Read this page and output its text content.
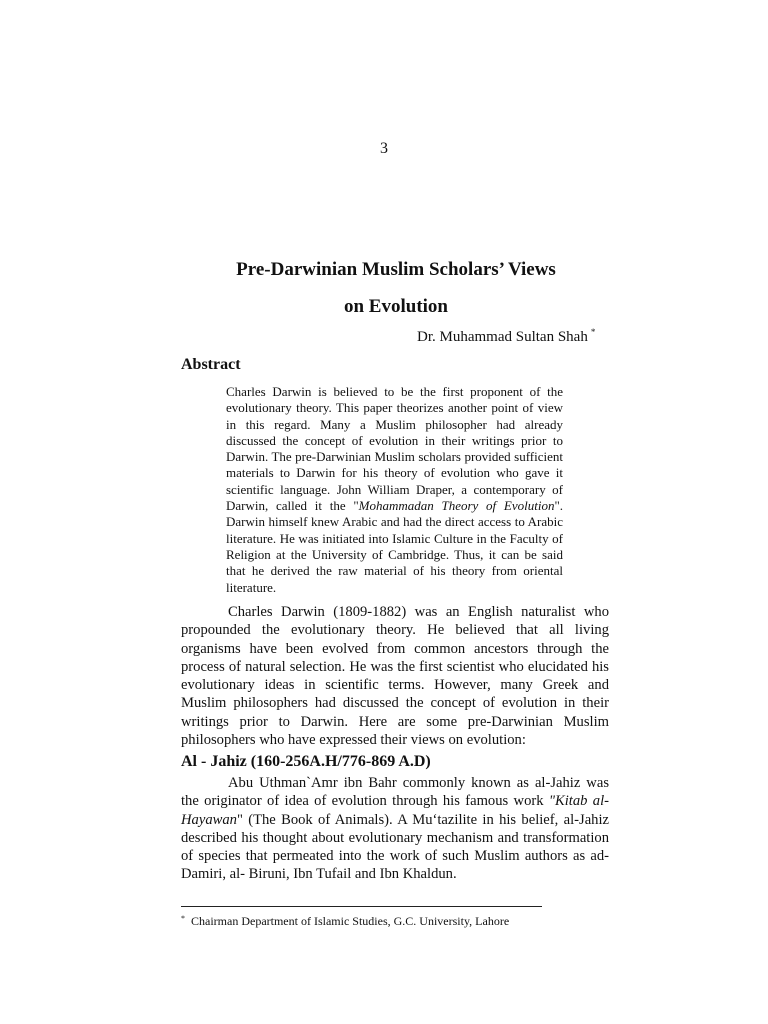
3
Pre-Darwinian Muslim Scholars’ Views
on Evolution
Dr. Muhammad Sultan Shah *
Abstract
Charles Darwin is believed to be the first proponent of the evolutionary theory. This paper theorizes another point of view in this regard. Many a Muslim philosopher had already discussed the concept of evolution in their writings prior to Darwin. The pre-Darwinian Muslim scholars provided sufficient materials to Darwin for his theory of evolution who gave it scientific language. John William Draper, a contemporary of Darwin, called it the "Mohammadan Theory of Evolution". Darwin himself knew Arabic and had the direct access to Arabic literature. He was initiated into Islamic Culture in the Faculty of Religion at the University of Cambridge. Thus, it can be said that he derived the raw material of his theory from oriental literature.
Charles Darwin (1809-1882) was an English naturalist who propounded the evolutionary theory. He believed that all living organisms have been evolved from common ancestors through the process of natural selection. He was the first scientist who elucidated his evolutionary ideas in scientific terms. However, many Greek and Muslim philosophers had discussed the concept of evolution in their writings prior to Darwin. Here are some pre-Darwinian Muslim philosophers who have expressed their views on evolution:
Al - Jahiz (160-256A.H/776-869 A.D)
Abu Uthman`Amr ibn Bahr commonly known as al-Jahiz was the originator of idea of evolution through his famous work "Kitab al-Hayawan" (The Book of Animals). A Mu‘tazilite in his belief, al-Jahiz described his thought about evolutionary mechanism and transformation of species that permeated into the work of such Muslim authors as ad-Damiri, al- Biruni, Ibn Tufail and Ibn Khaldun.
* Chairman Department of Islamic Studies, G.C. University, Lahore
